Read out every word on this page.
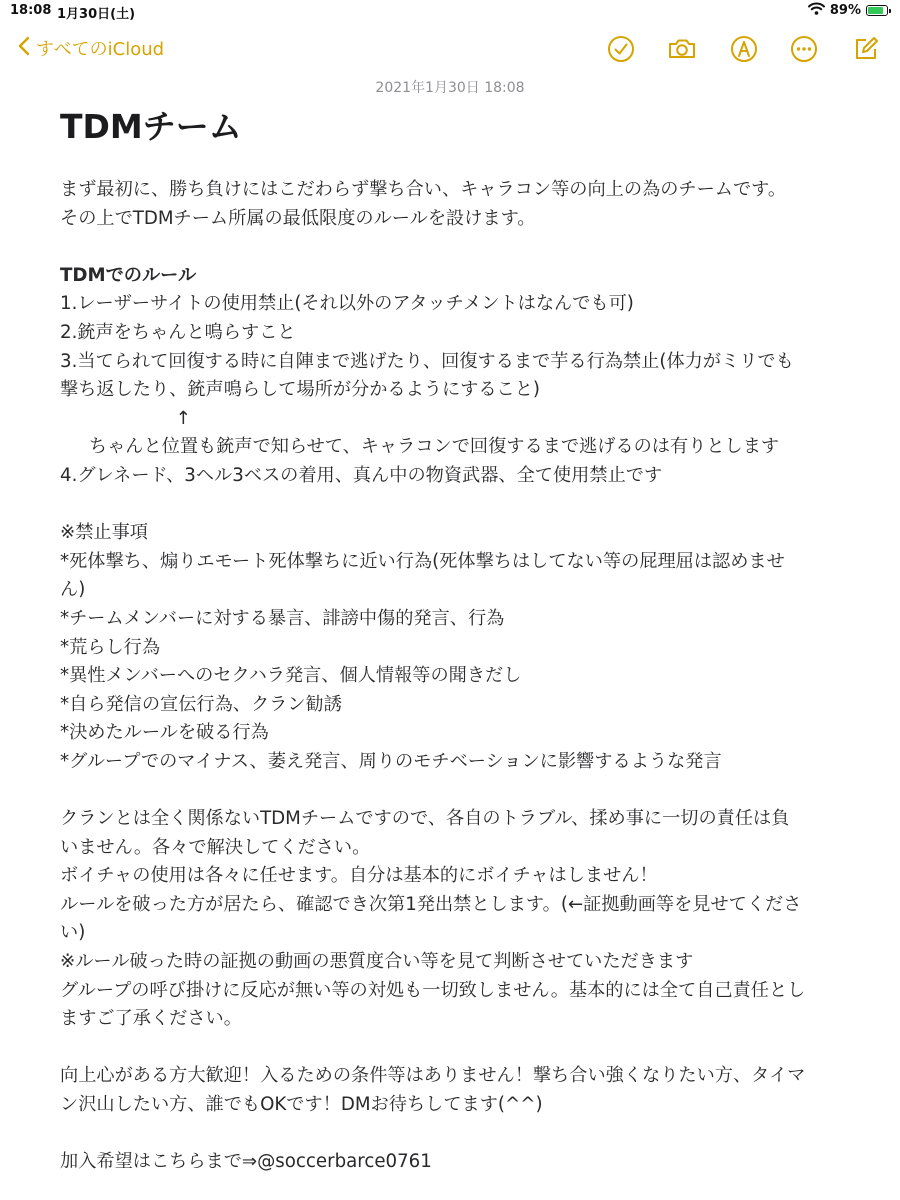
18:08 1月30日(土)	89%
すべてのiCloud
2021年1月30日 18:08
TDMチーム
まず最初に、勝ち負けにはこだわらず撃ち合い、キャラコン等の向上の為のチームです。
その上でTDMチーム所属の最低限度のルールを設けます。
TDMでのルール
1.レーザーサイトの使用禁止(それ以外のアタッチメントはなんでも可)
2.銃声をちゃんと鳴らすこと
3.当てられて回復する時に自陣まで逃げたり、回復するまで芋る行為禁止(体力がミリでも
撃ち返したり、銃声鳴らして場所が分かるようにすること)
↑
ちゃんと位置も銃声で知らせて、キャラコンで回復するまで逃げるのは有りとします
4.グレネード、3ヘル3ベスの着用、真ん中の物資武器、全て使用禁止です
※禁止事項
*死体撃ち、煽りエモート死体撃ちに近い行為(死体撃ちはしてない等の屁理屈は認めませ
ん)
*チームメンバーに対する暴言、誹謗中傷的発言、行為
*荒らし行為
*異性メンバーへのセクハラ発言、個人情報等の聞きだし
*自ら発信の宣伝行為、クラン勧誘
*決めたルールを破る行為
*グループでのマイナス、萎え発言、周りのモチベーションに影響するような発言
クランとは全く関係ないTDMチームですので、各自のトラブル、揉め事に一切の責任は負
いません。各々で解決してください。
ボイチャの使用は各々に任せます。自分は基本的にボイチャはしません！
ルールを破った方が居たら、確認でき次第1発出禁とします。(←証拠動画等を見せてくださ
い)
※ルール破った時の証拠の動画の悪質度合い等を見て判断させていただきます
グループの呼び掛けに反応が無い等の対処も一切致しません。基本的には全て自己責任とし
ますご了承ください。
向上心がある方大歓迎！入るための条件等はありません！撃ち合い強くなりたい方、タイマ
ン沢山したい方、誰でもOKです！DMお待ちしてます(^^)
加入希望はこちらまで⇒@soccerbarce0761
